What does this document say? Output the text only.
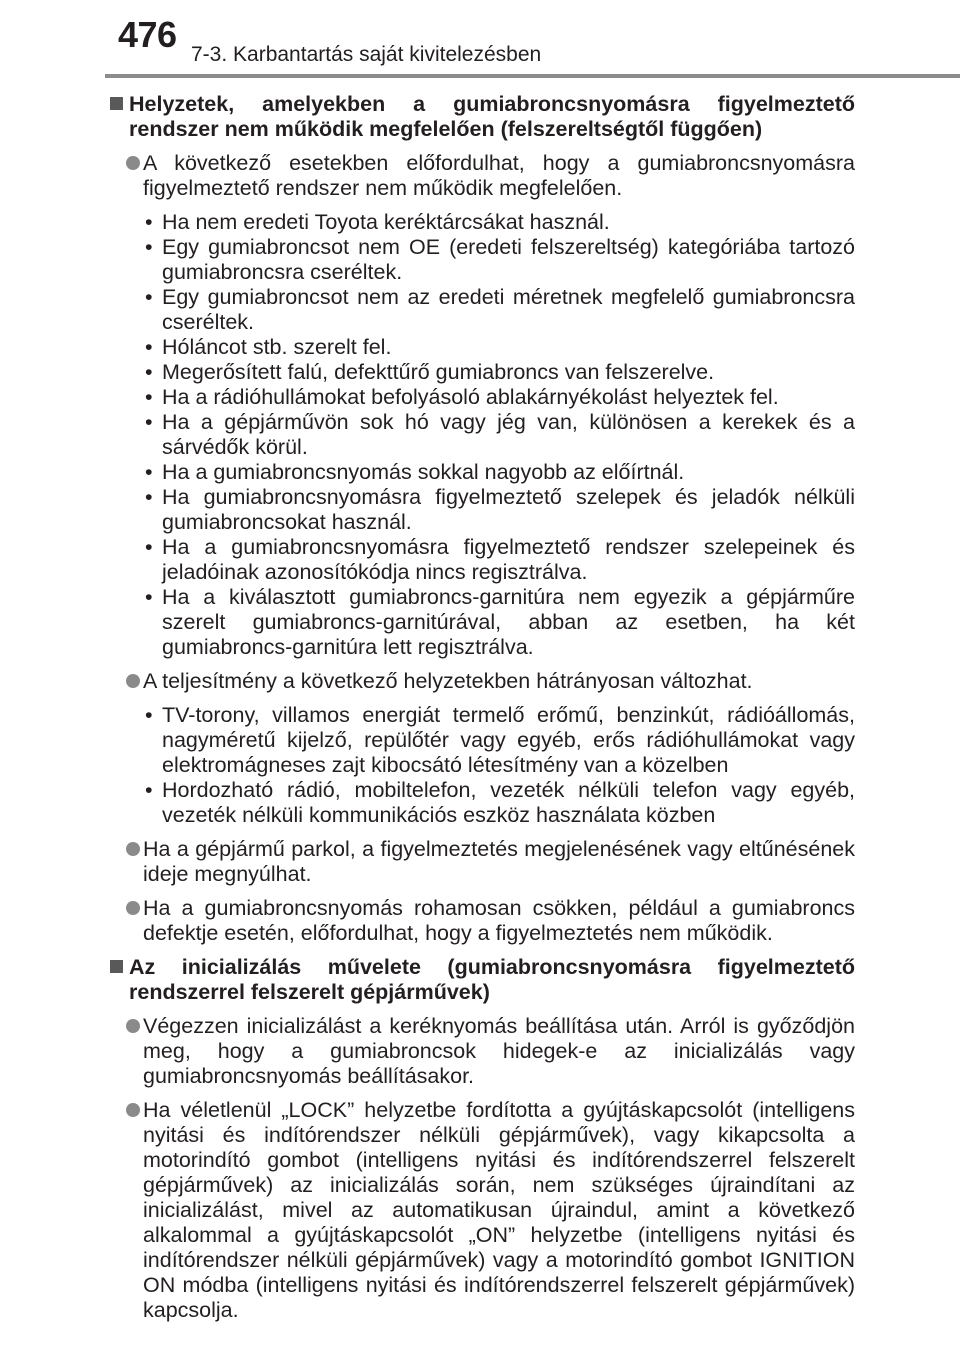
476 7-3. Karbantartás saját kivitelezésben
Helyzetek, amelyekben a gumiabroncsnyomásra figyelmeztető rendszer nem működik megfelelően (felszereltségtől függően)
A következő esetekben előfordulhat, hogy a gumiabroncsnyomásra figyelmeztető rendszer nem működik megfelelően.
• Ha nem eredeti Toyota keréktárcsákat használ.
• Egy gumiabroncsot nem OE (eredeti felszereltség) kategóriába tartozó gumiabroncsra cseréltek.
• Egy gumiabroncsot nem az eredeti méretnek megfelelő gumiabroncsra cseréltek.
• Hóláncot stb. szerelt fel.
• Megerősített falú, defekttűrő gumiabroncs van felszerelve.
• Ha a rádióhullámokat befolyásoló ablakárnyékolást helyeztek fel.
• Ha a gépjárművön sok hó vagy jég van, különösen a kerekek és a sárvédők körül.
• Ha a gumiabroncsnyomás sokkal nagyobb az előírtnál.
• Ha gumiabroncsnyomásra figyelmeztető szelepek és jeladók nélküli gumiabroncsokat használ.
• Ha a gumiabroncsnyomásra figyelmeztető rendszer szelepeinek és jeladóinak azonosítókódja nincs regisztrálva.
• Ha a kiválasztott gumiabroncs-garnitúra nem egyezik a gépjárműre szerelt gumiabroncs-garnitúrával, abban az esetben, ha két gumiabroncs-garnitúra lett regisztrálva.
A teljesítmény a következő helyzetekben hátrányosan változhat.
• TV-torony, villamos energiát termelő erőmű, benzinkút, rádióállomás, nagyméretű kijelző, repülőtér vagy egyéb, erős rádióhullámokat vagy elektromágneses zajt kibocsátó létesítmény van a közelben
• Hordozható rádió, mobiltelefon, vezeték nélküli telefon vagy egyéb, vezeték nélküli kommunikációs eszköz használata közben
Ha a gépjármű parkol, a figyelmeztetés megjelenésének vagy eltűnésének ideje megnyúlhat.
Ha a gumiabroncsnyomás rohamosan csökken, például a gumiabroncs defektje esetén, előfordulhat, hogy a figyelmeztetés nem működik.
Az inicializálás művelete (gumiabroncsnyomásra figyelmeztető rendszerrel felszerelt gépjárművek)
Végezzen inicializálást a keréknyomás beállítása után. Arról is győződjön meg, hogy a gumiabroncsok hidegek-e az inicializálás vagy gumiabroncsnyomás beállításakor.
Ha véletlenül „LOCK” helyzetbe fordította a gyújtáskapcsolót (intelligens nyitási és indítórendszer nélküli gépjárművek), vagy kikapcsolta a motorindító gombot (intelligens nyitási és indítórendszerrel felszerelt gépjárművek) az inicializálás során, nem szükséges újraindítani az inicializálást, mivel az automatikusan újraindul, amint a következő alkalommal a gyújtáskapcsolót „ON” helyzetbe (intelligens nyitási és indítórendszer nélküli gépjárművek) vagy a motorindító gombot IGNITION ON módba (intelligens nyitási és indítórendszerrel felszerelt gépjárművek) kapcsolja.
